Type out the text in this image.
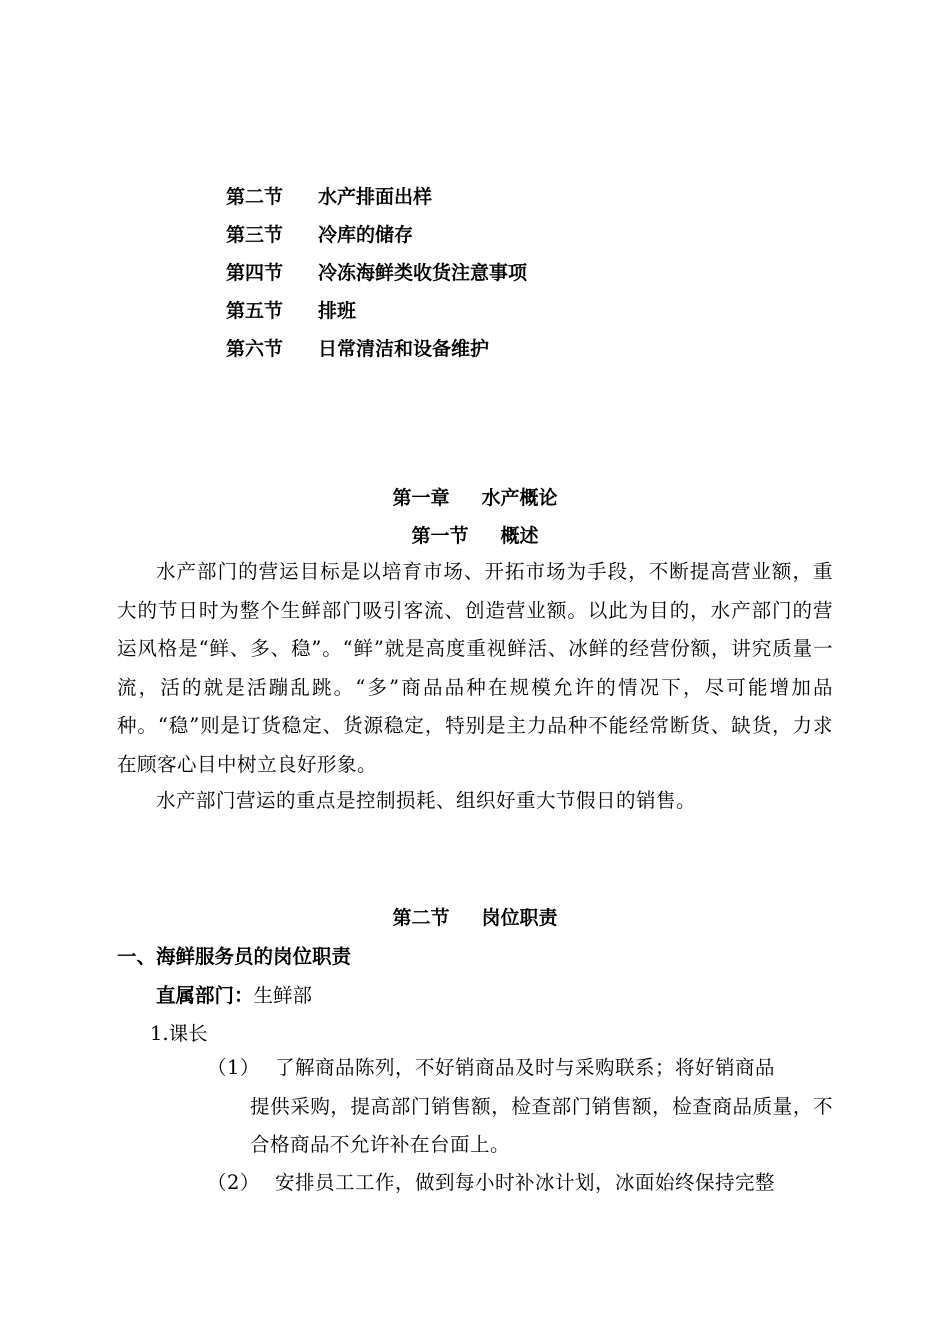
第二节	水产排面出样
第三节	冷库的储存
第四节	冷冻海鲜类收货注意事项
第五节	排班
第六节	日常清洁和设备维护
第一章 水产概论
第一节 概述

水产部门的营运目标是以培育市场、开拓市场为手段，不断提高营业额，重大的节日时为整个生鲜部门吸引客流、创造营业额。以此为目的，水产部门的营运风格是“鲜、多、稳”。“鲜”就是高度重视鲜活、冰鲜的经营份额，讲究质量一流，活的就是活蹦乱跳。“多”商品品种在规模允许的情况下，尽可能增加品种。“稳”则是订货稳定、货源稳定，特别是主力品种不能经常断货、缺货，力求在顾客心目中树立良好形象。

水产部门营运的重点是控制损耗、组织好重大节假日的销售。

第二节 岗位职责
一、海鲜服务员的岗位职责
直属部门：生鲜部
1.课长
（1） 了解商品陈列，不好销商品及时与采购联系；将好销商品
提供采购，提高部门销售额，检查部门销售额，检查商品质量，不合格商品不允许补在台面上。
（2） 安排员工工作，做到每小时补冰计划，冰面始终保持完整
